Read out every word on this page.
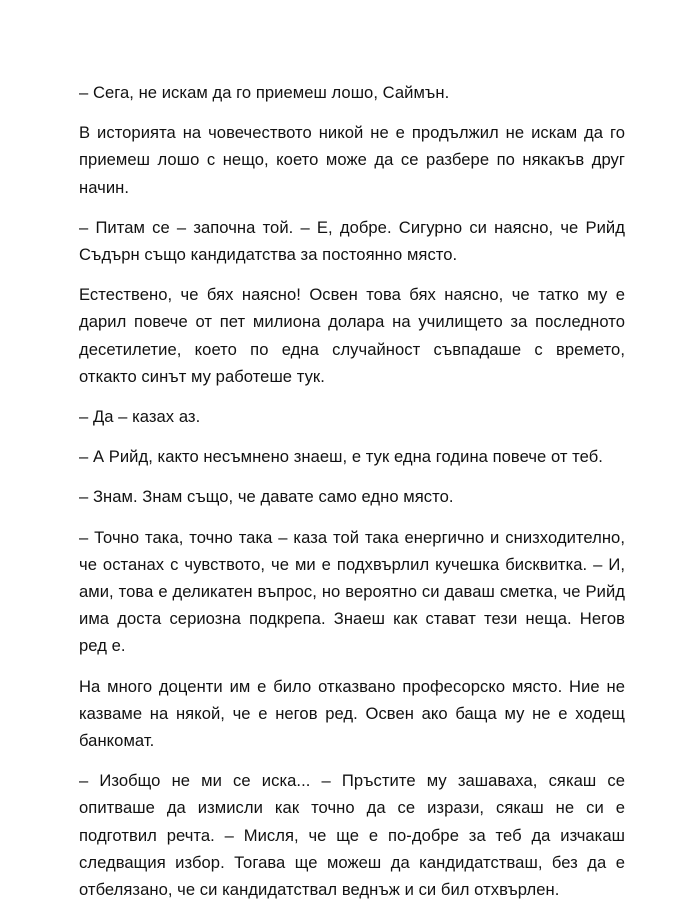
– Сега, не искам да го приемеш лошо, Саймън.

В историята на човечеството никой не е продължил не искам да го приемеш лошо с нещо, което може да се разбере по някакъв друг начин.

– Питам се – започна той. – Е, добре. Сигурно си наясно, че Рийд Съдърн също кандидатства за постоянно място.

Естествено, че бях наясно! Освен това бях наясно, че татко му е дарил повече от пет милиона долара на училището за последното десетилетие, което по една случайност съвпадаше с времето, откакто синът му работеше тук.

– Да – казах аз.

– А Рийд, както несъмнено знаеш, е тук една година повече от теб.

– Знам. Знам също, че давате само едно място.

– Точно така, точно така – каза той така енергично и снизходително, че останах с чувството, че ми е подхвърлил кучешка бисквитка. – И, ами, това е деликатен въпрос, но вероятно си даваш сметка, че Рийд има доста сериозна подкрепа. Знаеш как стават тези неща. Негов ред е.

На много доценти им е било отказвано професорско място. Ние не казваме на някой, че е негов ред. Освен ако баща му не е ходещ банкомат.

– Изобщо не ми се иска... – Пръстите му зашаваха, сякаш се опитваше да измисли как точно да се изрази, сякаш не си е подготвил речта. – Мисля, че ще е по-добре за теб да изчакаш следващия избор. Тогава ще можеш да кандидатстваш, без да е отбелязано, че си кандидатствал веднъж и си бил отхвърлен.
